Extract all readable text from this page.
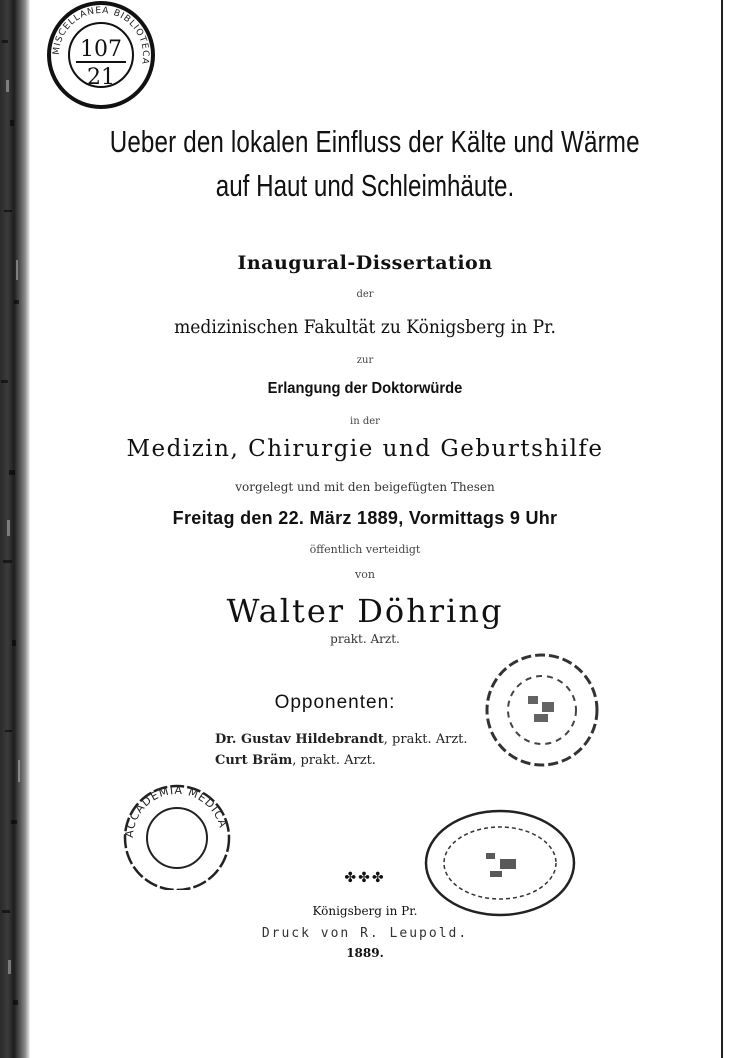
MISCELLANEA BIBLIOTECA
107
21
Ueber den lokalen Einfluss der Kälte und Wärme
auf Haut und Schleimhäute.
Inaugural-Dissertation
der
medizinischen Fakultät zu Königsberg in Pr.
zur
Erlangung der Doktorwürde
in der
Medizin, Chirurgie und Geburtshilfe
vorgelegt und mit den beigefügten Thesen
Freitag den 22. März 1889, Vormittags 9 Uhr
öffentlich verteidigt
von
Walter Döhring
prakt. Arzt.
Opponenten:
Dr. Gustav Hildebrandt, prakt. Arzt.
Curt Bräm, prakt. Arzt.
ACCADEMIA MEDICA
✤✤✤
Königsberg in Pr.
Druck von R. Leupold.
1889.
